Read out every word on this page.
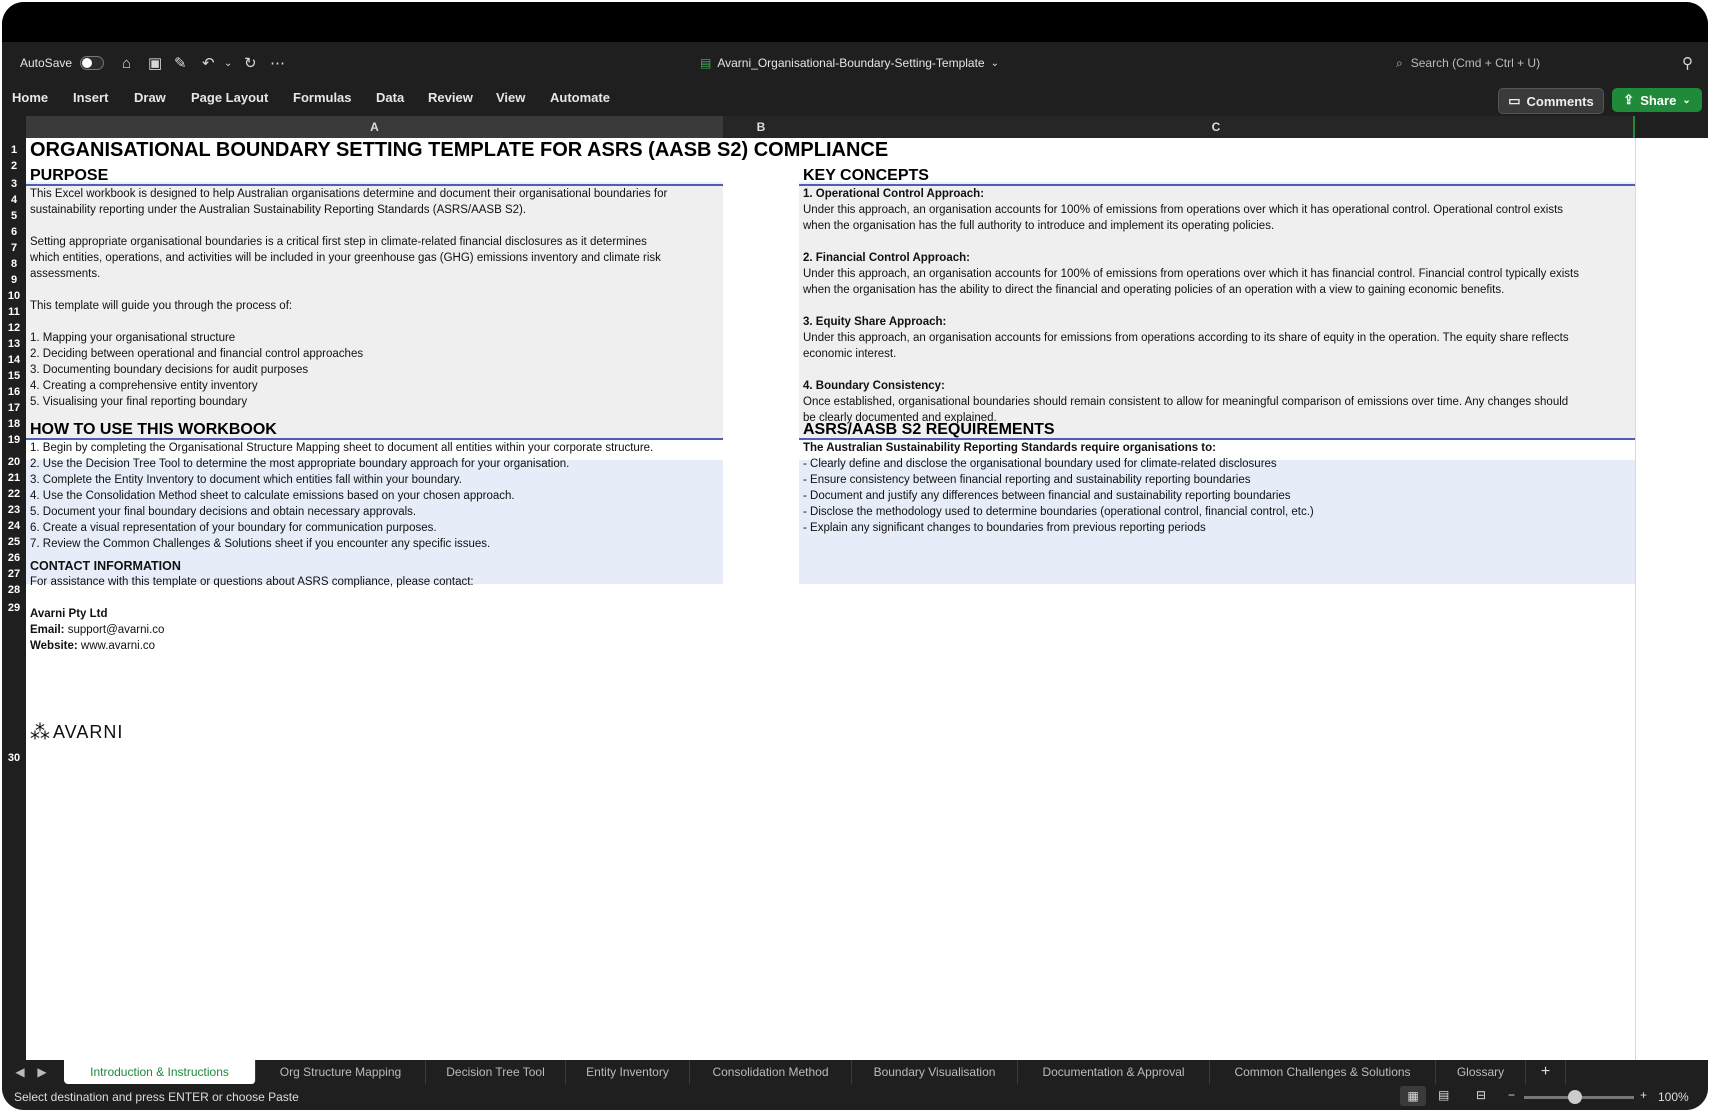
AutoSave	⌂ ▣ ✎ ↶ ⌄ ↻ ⋯	▤ Avarni_Organisational-Boundary-Setting-Template ⌄	⌕ Search (Cmd + Ctrl + U)	⚲
Home Insert Draw Page Layout Formulas Data Review View Automate	▭ Comments ⇪ Share ⌄
A	B	C
1
2
3
4
5
6
7
8
9
10
11
12
13
14
15
16
17
18
19
20
21
22
23
24
25
26
27
28
29
30
ORGANISATIONAL BOUNDARY SETTING TEMPLATE FOR ASRS (AASB S2) COMPLIANCE
PURPOSE
This Excel workbook is designed to help Australian organisations determine and document their organisational boundaries for
sustainability reporting under the Australian Sustainability Reporting Standards (ASRS/AASB S2).
Setting appropriate organisational boundaries is a critical first step in climate-related financial disclosures as it determines
which entities, operations, and activities will be included in your greenhouse gas (GHG) emissions inventory and climate risk
assessments.
This template will guide you through the process of:
1. Mapping your organisational structure
2. Deciding between operational and financial control approaches
3. Documenting boundary decisions for audit purposes
4. Creating a comprehensive entity inventory
5. Visualising your final reporting boundary
KEY CONCEPTS
1. Operational Control Approach:
Under this approach, an organisation accounts for 100% of emissions from operations over which it has operational control. Operational control exists
when the organisation has the full authority to introduce and implement its operating policies.
2. Financial Control Approach:
Under this approach, an organisation accounts for 100% of emissions from operations over which it has financial control. Financial control typically exists
when the organisation has the ability to direct the financial and operating policies of an operation with a view to gaining economic benefits.
3. Equity Share Approach:
Under this approach, an organisation accounts for emissions from operations according to its share of equity in the operation. The equity share reflects
economic interest.
4. Boundary Consistency:
Once established, organisational boundaries should remain consistent to allow for meaningful comparison of emissions over time. Any changes should
be clearly documented and explained.
HOW TO USE THIS WORKBOOK
1. Begin by completing the Organisational Structure Mapping sheet to document all entities within your corporate structure.
2. Use the Decision Tree Tool to determine the most appropriate boundary approach for your organisation.
3. Complete the Entity Inventory to document which entities fall within your boundary.
4. Use the Consolidation Method sheet to calculate emissions based on your chosen approach.
5. Document your final boundary decisions and obtain necessary approvals.
6. Create a visual representation of your boundary for communication purposes.
7. Review the Common Challenges & Solutions sheet if you encounter any specific issues.
ASRS/AASB S2 REQUIREMENTS
The Australian Sustainability Reporting Standards require organisations to:
- Clearly define and disclose the organisational boundary used for climate-related disclosures
- Ensure consistency between financial reporting and sustainability reporting boundaries
- Document and justify any differences between financial and sustainability reporting boundaries
- Disclose the methodology used to determine boundaries (operational control, financial control, etc.)
- Explain any significant changes to boundaries from previous reporting periods
CONTACT INFORMATION
For assistance with this template or questions about ASRS compliance, please contact:
Avarni Pty Ltd
Email: support@avarni.co
Website: www.avarni.co
⁂ AVARNI
◀	▶	Introduction & Instructions	Org Structure Mapping	Decision Tree Tool	Entity Inventory	Consolidation Method	Boundary Visualisation	Documentation & Approval	Common Challenges & Solutions	Glossary	+
Select destination and press ENTER or choose Paste	▦	▤ ⊟ −	+ 100%
